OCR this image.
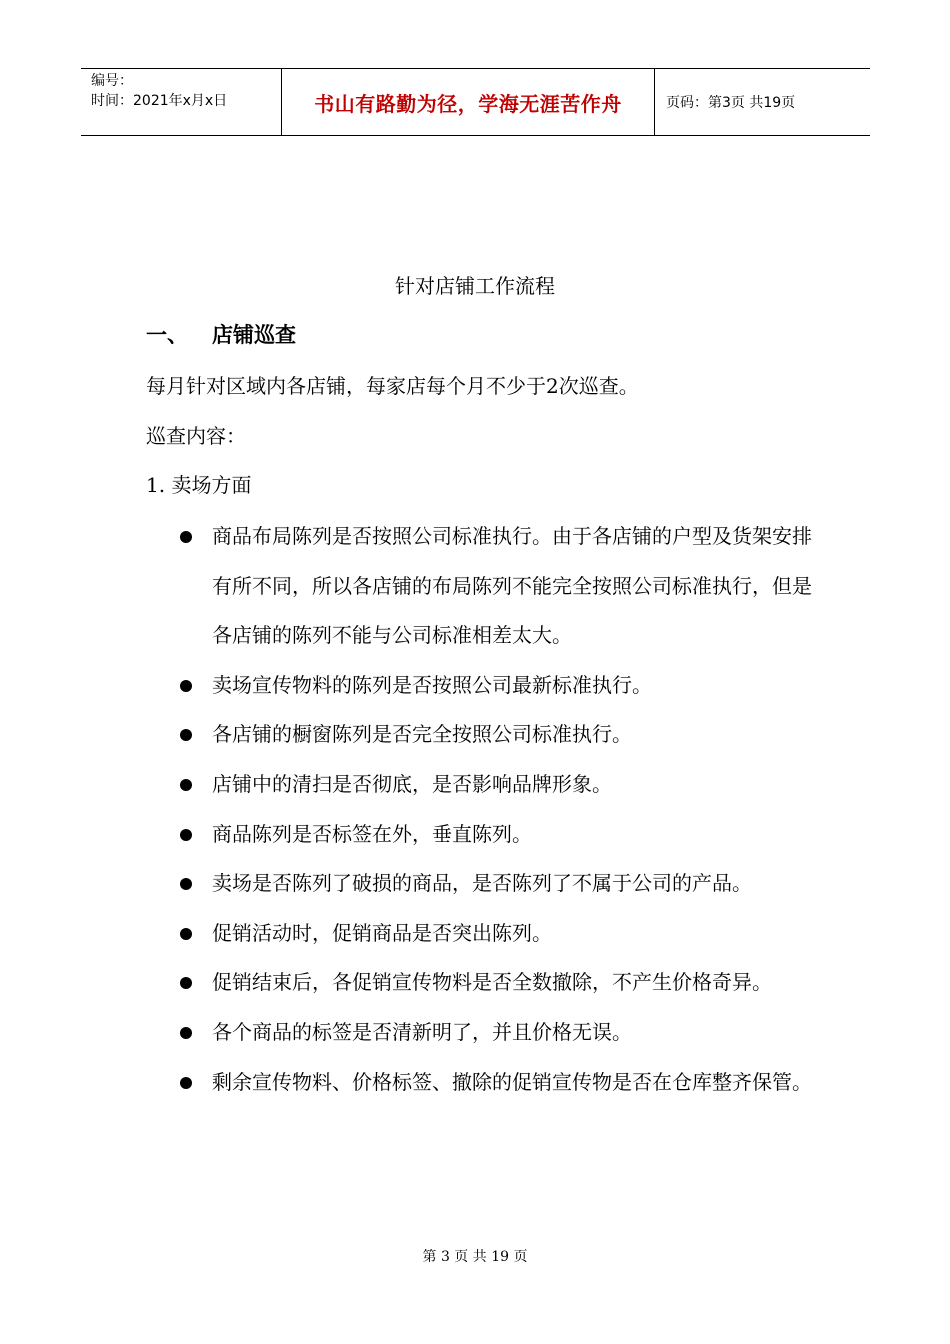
编号：
时间：2021年x月x日	书山有路勤为径，学海无涯苦作舟	页码：第3页 共19页
针对店铺工作流程
一、 店铺巡查
每月针对区域内各店铺，每家店每个月不少于2次巡查。
巡查内容：
1. 卖场方面
商品布局陈列是否按照公司标准执行。由于各店铺的户型及货架安排有所不同，所以各店铺的布局陈列不能完全按照公司标准执行，但是各店铺的陈列不能与公司标准相差太大。
卖场宣传物料的陈列是否按照公司最新标准执行。
各店铺的橱窗陈列是否完全按照公司标准执行。
店铺中的清扫是否彻底，是否影响品牌形象。
商品陈列是否标签在外，垂直陈列。
卖场是否陈列了破损的商品，是否陈列了不属于公司的产品。
促销活动时，促销商品是否突出陈列。
促销结束后，各促销宣传物料是否全数撤除，不产生价格奇异。
各个商品的标签是否清新明了，并且价格无误。
剩余宣传物料、价格标签、撤除的促销宣传物是否在仓库整齐保管。
第 3 页 共 19 页
